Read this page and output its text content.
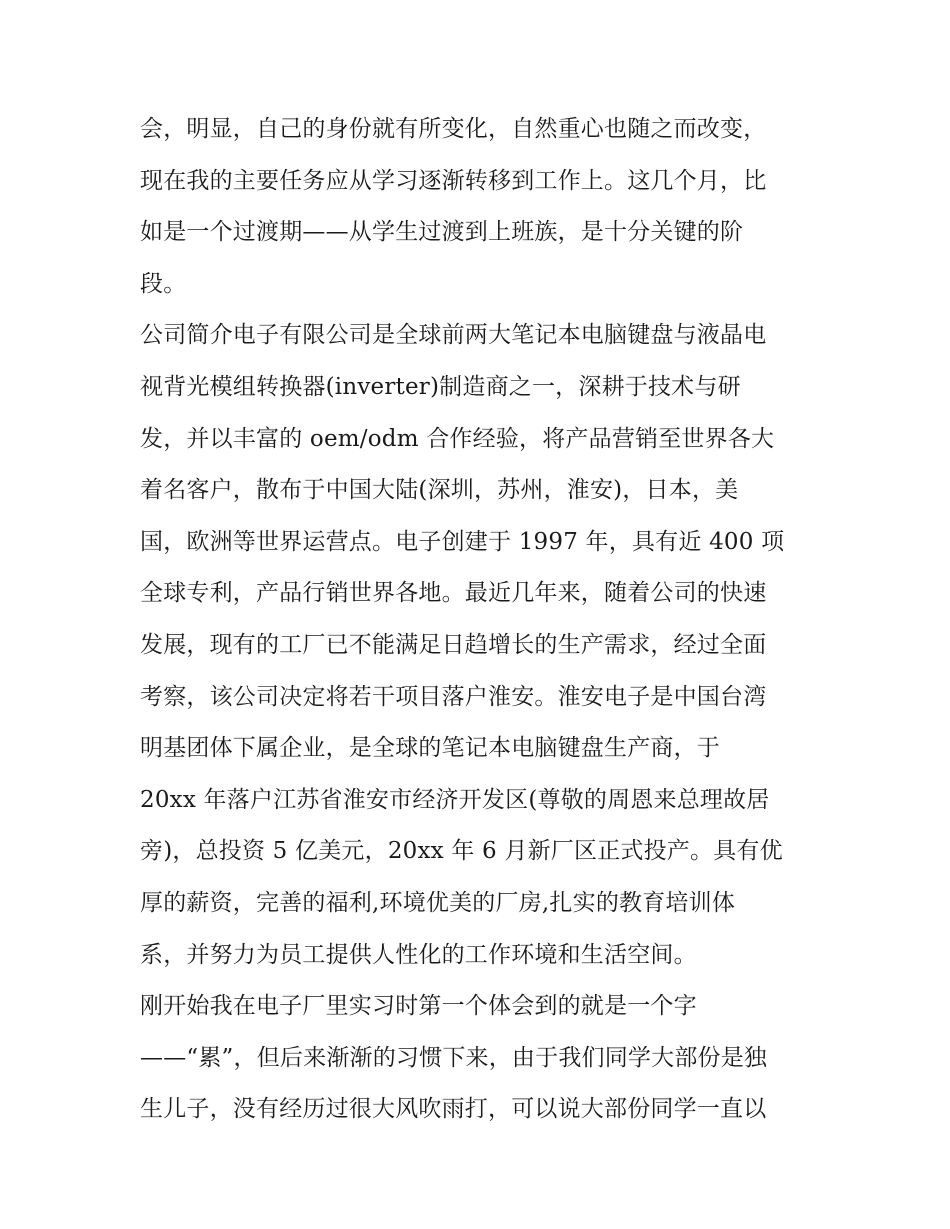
会，明显，自己的身份就有所变化，自然重心也随之而改变，
现在我的主要任务应从学习逐渐转移到工作上。这几个月，比
如是一个过渡期——从学生过渡到上班族，是十分关键的阶
段。
公司简介电子有限公司是全球前两大笔记本电脑键盘与液晶电
视背光模组转换器(inverter)制造商之一，深耕于技术与研
发，并以丰富的 oem/odm 合作经验，将产品营销至世界各大
着名客户，散布于中国大陆(深圳，苏州，淮安)，日本，美
国，欧洲等世界运营点。电子创建于 1997 年，具有近 400 项
全球专利，产品行销世界各地。最近几年来，随着公司的快速
发展，现有的工厂已不能满足日趋增长的生产需求，经过全面
考察，该公司决定将若干项目落户淮安。淮安电子是中国台湾
明基团体下属企业，是全球的笔记本电脑键盘生产商，于
20xx 年落户江苏省淮安市经济开发区(尊敬的周恩来总理故居
旁)，总投资 5 亿美元，20xx 年 6 月新厂区正式投产。具有优
厚的薪资，完善的福利,环境优美的厂房,扎实的教育培训体
系，并努力为员工提供人性化的工作环境和生活空间。
刚开始我在电子厂里实习时第一个体会到的就是一个字
——“累”，但后来渐渐的习惯下来，由于我们同学大部份是独
生儿子，没有经历过很大风吹雨打，可以说大部份同学一直以
